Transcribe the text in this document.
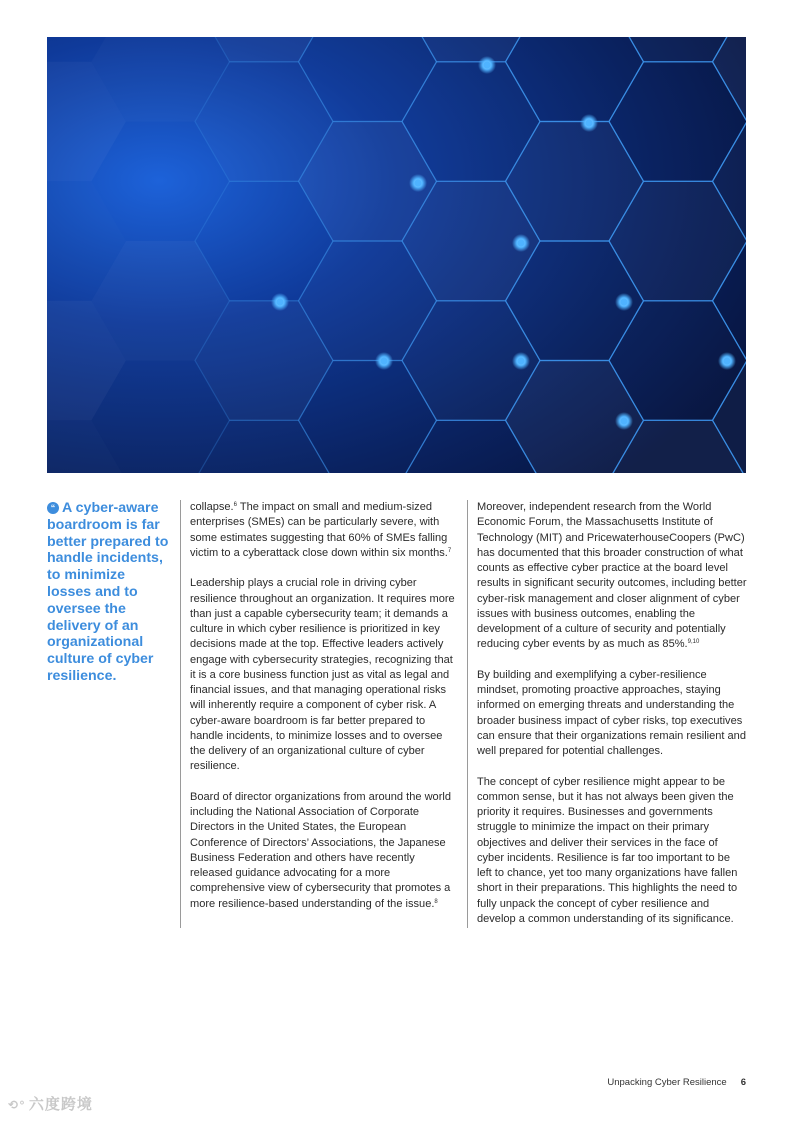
“ A cyber-aware boardroom is far better prepared to handle incidents, to minimize losses and to oversee the delivery of an organizational culture of cyber resilience.

collapse.$^6$ The impact on small and medium-sized enterprises (SMEs) can be particularly severe, with some estimates suggesting that 60% of SMEs falling victim to a cyberattack close down within six months.$^7$

Leadership plays a crucial role in driving cyber resilience throughout an organization. It requires more than just a capable cybersecurity team; it demands a culture in which cyber resilience is prioritized in key decisions made at the top. Effective leaders actively engage with cybersecurity strategies, recognizing that it is a core business function just as vital as legal and financial issues, and that managing operational risks will inherently require a component of cyber risk. A cyber-aware boardroom is far better prepared to handle incidents, to minimize losses and to oversee the delivery of an organizational culture of cyber resilience.

Board of director organizations from around the world including the National Association of Corporate Directors in the United States, the European Conference of Directors’ Associations, the Japanese Business Federation and others have recently released guidance advocating for a more comprehensive view of cybersecurity that promotes a more resilience-based understanding of the issue.$^8$

Moreover, independent research from the World Economic Forum, the Massachusetts Institute of Technology (MIT) and PricewaterhouseCoopers (PwC) has documented that this broader construction of what counts as effective cyber practice at the board level results in significant security outcomes, including better cyber-risk management and closer alignment of cyber issues with business outcomes, enabling the development of a culture of security and potentially reducing cyber events by as much as 85%.$^{9,10}$

By building and exemplifying a cyber-resilience mindset, promoting proactive approaches, staying informed on emerging threats and understanding the broader business impact of cyber risks, top executives can ensure that their organizations remain resilient and well prepared for potential challenges.

The concept of cyber resilience might appear to be common sense, but it has not always been given the priority it requires. Businesses and governments struggle to minimize the impact on their primary objectives and deliver their services in the face of cyber incidents. Resilience is far too important to be left to chance, yet too many organizations have fallen short in their preparations. This highlights the need to fully unpack the concept of cyber resilience and develop a common understanding of its significance.

Unpacking Cyber Resilience 6
⟲° 六度跨境
